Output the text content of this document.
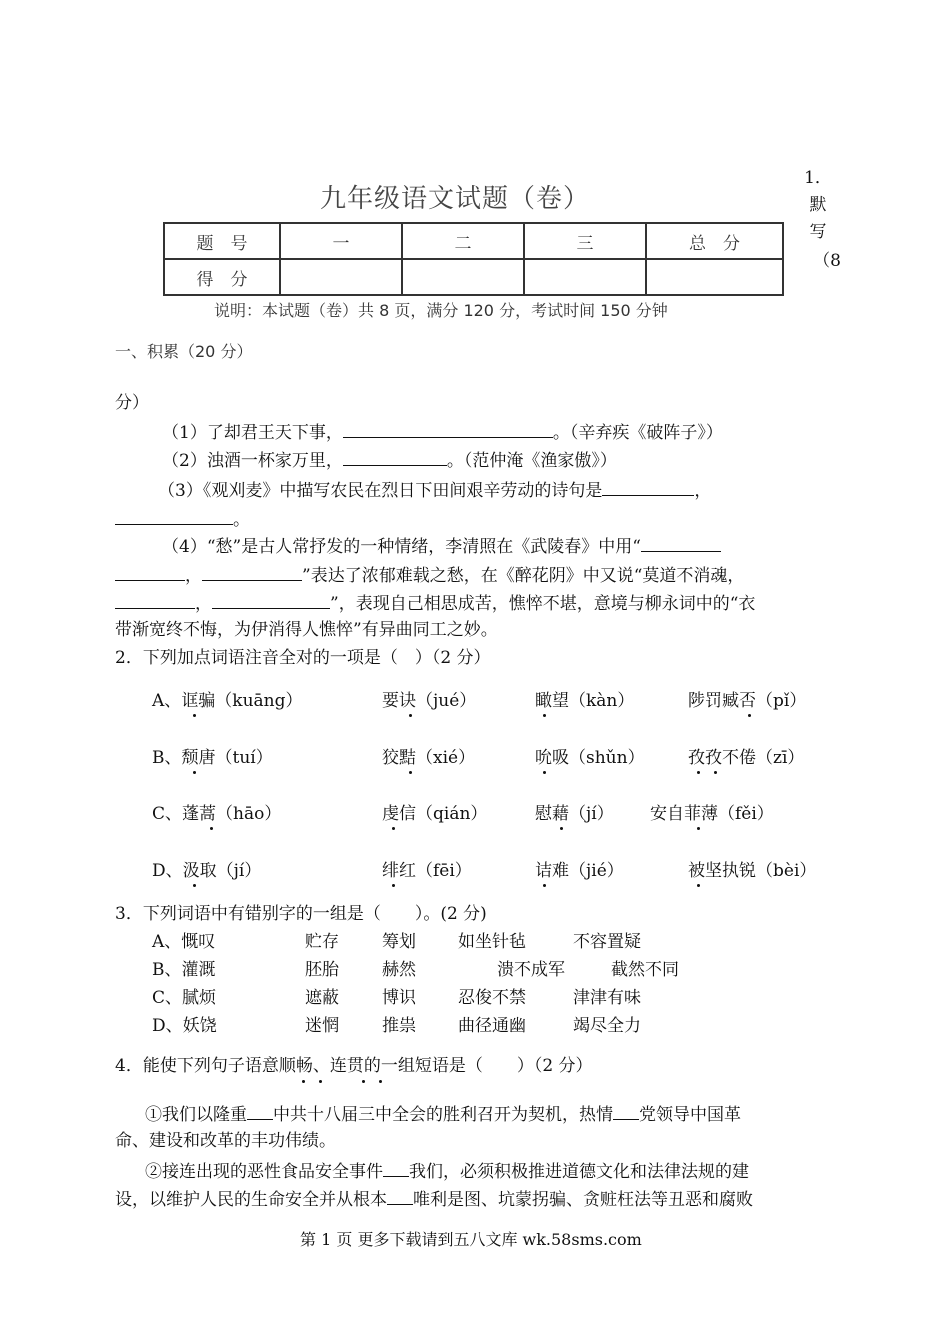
九年级语文试题（卷）
1．
默
写
（8
题　号	一	二	三	总　分
得　分				
说明：本试题（卷）共 8 页，满分 120 分，考试时间 150 分钟
一、积累（20 分）
分）
（1）了却君王天下事，	。（辛弃疾《破阵子》）
（2）浊酒一杯家万里，	。（范仲淹《渔家傲》）
（3）《观刈麦》中描写农民在烈日下田间艰辛劳动的诗句是	，
。
（4）“愁”是古人常抒发的一种情绪，李清照在《武陵春》中用“
，	”表达了浓郁难载之愁，在《醉花阴》中又说“莫道不消魂，
，	”，表现自己相思成苦，憔悴不堪，意境与柳永词中的“衣
带渐宽终不悔，为伊消得人憔悴”有异曲同工之妙。
2．下列加点词语注音全对的一项是（　）（2 分）
A、诓骗（kuāng）	要诀（jué）	瞰望（kàn）	陟罚臧否（pǐ）
B、颓唐（tuí）	狡黠（xié）	吮吸（shǔn）	孜孜不倦（zī）
C、蓬蒿（hāo）	虔信（qián）	慰藉（jí） 安自菲薄（fěi）
D、汲取（jí）	绯红（fēi）	诘难（jié）	被坚执锐（bèi）
3．下列词语中有错别字的一组是（　　）。(2 分)
A、慨叹	贮存	筹划 如坐针毡	不容置疑
B、灌溉	胚胎	赫然	溃不成军	截然不同
C、腻烦	遮蔽	博识 忍俊不禁	津津有味
D、妖饶	迷惘	推祟 曲径通幽	竭尽全力
4．能使下列句子语意顺畅、连贯的一组短语是（　　）（2 分）
①我们以隆重 中共十八届三中全会的胜利召开为契机，热情 党领导中国革
命、建设和改革的丰功伟绩。
②接连出现的恶性食品安全事件 我们，必须积极推进道德文化和法律法规的建
设，以维护人民的生命安全并从根本 唯利是图、坑蒙拐骗、贪赃枉法等丑恶和腐败
第 1 页 更多下载请到五八文库 wk.58sms.com
